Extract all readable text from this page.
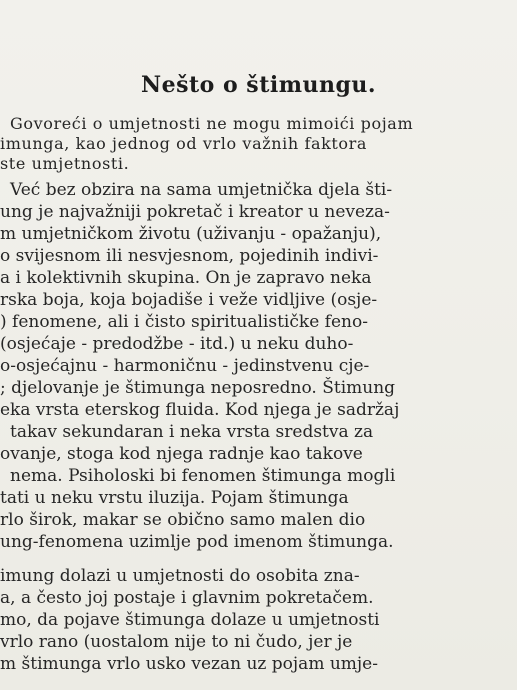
Nešto o štimungu.
Govoreći o umjetnosti ne mogu mimoići pojam
imunga, kao jednog od vrlo važnih faktora
ste umjetnosti.
Već bez obzira na sama umjetnička djela šti-
ung je najvažniji pokretač i kreator u neveza-
m umjetničkom životu (uživanju - opažanju),
o svijesnom ili nesvjesnom, pojedinih indivi-
a i kolektivnih skupina. On je zapravo neka
rska boja, koja bojadiše i veže vidljive (osje-
) fenomene, ali i čisto spiritualističke feno-
(osjećaje - predodžbe - itd.) u neku duho-
o-osjećajnu - harmoničnu - jedinstvenu cje-
; djelovanje je štimunga neposredno. Štimung
eka vrsta eterskog fluida. Kod njega je sadržaj
takav sekundaran i neka vrsta sredstva za
ovanje, stoga kod njega radnje kao takove
nema. Psiholoski bi fenomen štimunga mogli
tati u neku vrstu iluzija. Pojam štimunga
rlo širok, makar se obično samo malen dio
ung-fenomena uzimlje pod imenom štimunga.
imung dolazi u umjetnosti do osobita zna-
a, a često joj postaje i glavnim pokretačem.
mo, da pojave štimunga dolaze u umjetnosti
vrlo rano (uostalom nije to ni čudo, jer je
m štimunga vrlo usko vezan uz pojam umje-
